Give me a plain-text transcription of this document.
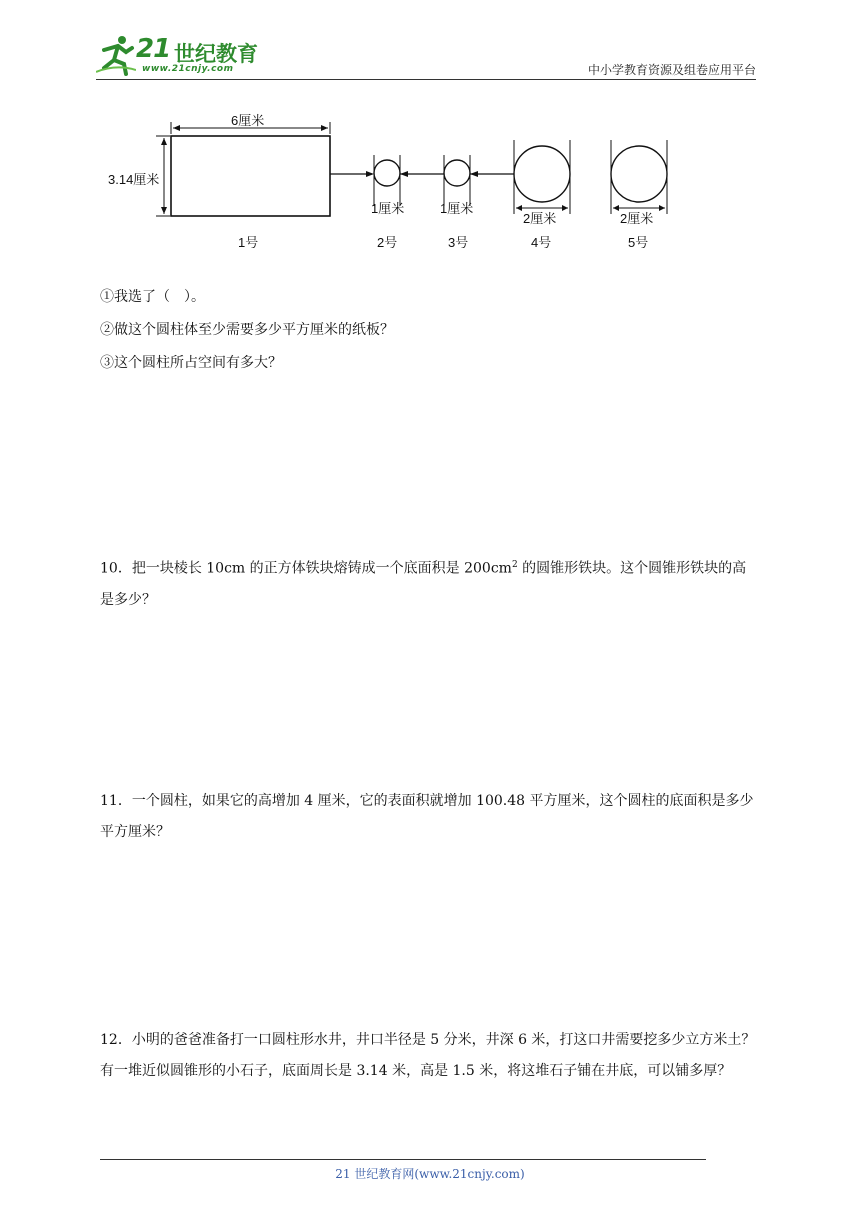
21 世纪教育
www.21cnjy.com	中小学教育资源及组卷应用平台
6厘米
3.14厘米
1厘米	1厘米
2厘米	2厘米
1号	2号	3号	4号	5号
①我选了（　）。
②做这个圆柱体至少需要多少平方厘米的纸板？
③这个圆柱所占空间有多大？
10．把一块棱长 10cm 的正方体铁块熔铸成一个底面积是 $200cm^2$ 的圆锥形铁块。这个圆锥形铁块的高是多少？
11．一个圆柱，如果它的高增加 4 厘米，它的表面积就增加 100.48 平方厘米，这个圆柱的底面积是多少平方厘米？
12．小明的爸爸准备打一口圆柱形水井，井口半径是 5 分米，井深 6 米，打这口井需要挖多少立方米土？有一堆近似圆锥形的小石子，底面周长是 3.14 米，高是 1.5 米，将这堆石子铺在井底，可以铺多厚？
21 世纪教育网(www.21cnjy.com)
